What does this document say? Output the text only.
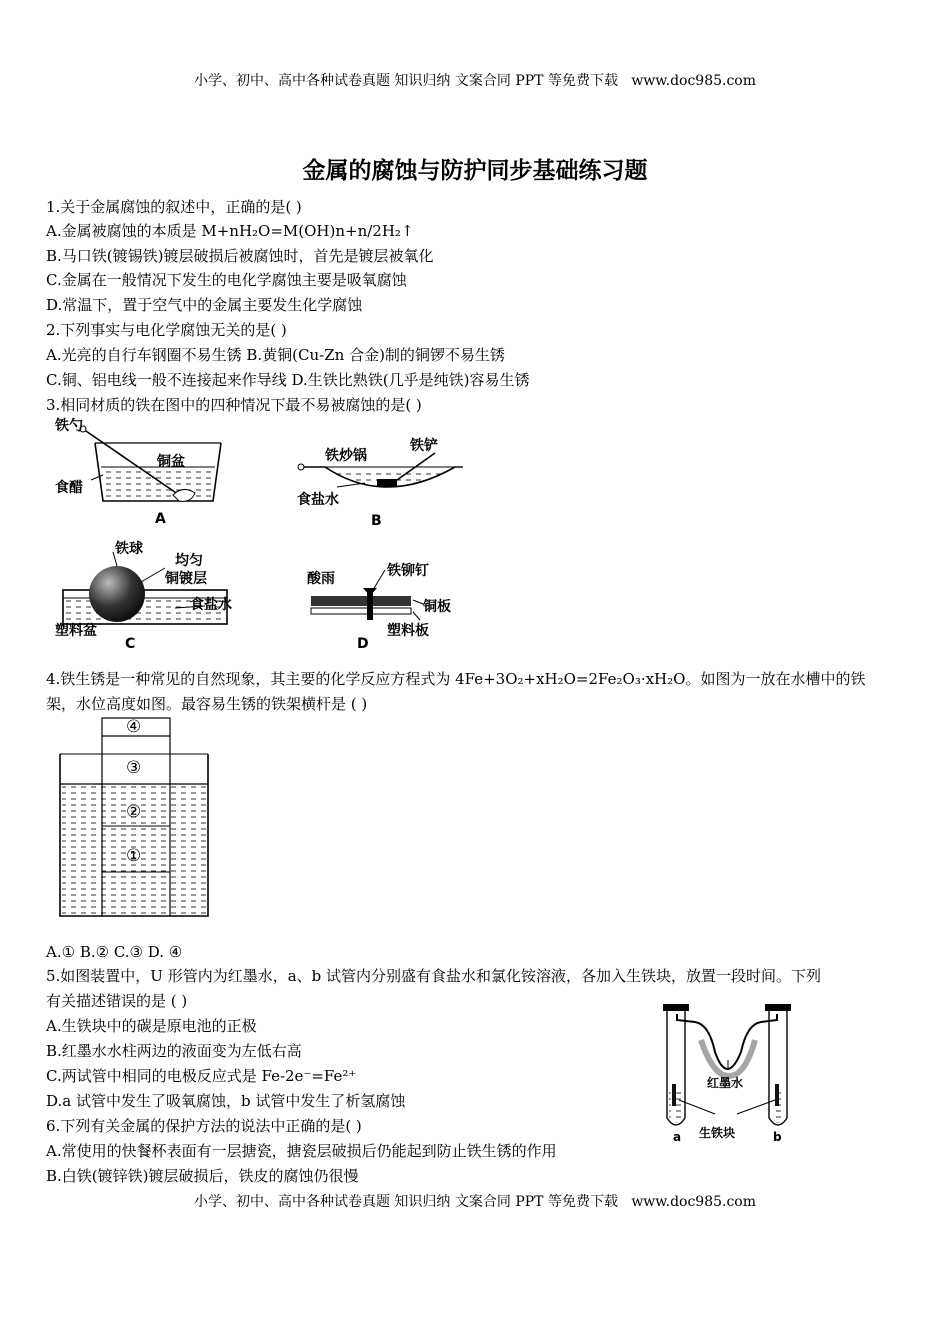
小学、初中、高中各种试卷真题 知识归纳 文案合同 PPT 等免费下载 www.doc985.com
金属的腐蚀与防护同步基础练习题
1.关于金属腐蚀的叙述中，正确的是( )
A.金属被腐蚀的本质是 M+nH₂O=M(OH)n+n/2H₂↑
B.马口铁(镀锡铁)镀层破损后被腐蚀时，首先是镀层被氧化
C.金属在一般情况下发生的电化学腐蚀主要是吸氧腐蚀
D.常温下，置于空气中的金属主要发生化学腐蚀
2.下列事实与电化学腐蚀无关的是( )
A.光亮的自行车钢圈不易生锈 B.黄铜(Cu-Zn 合金)制的铜锣不易生锈
C.铜、铝电线一般不连接起来作导线 D.生铁比熟铁(几乎是纯铁)容易生锈
3.相同材质的铁在图中的四种情况下最不易被腐蚀的是( )
铁勺
铜盆
食醋
A
铁炒锅
铁铲
食盐水
B
铁球
均匀
铜镀层
食盐水
塑料盆
C
酸雨	铁铆钉
铜板
塑料板
D
4.铁生锈是一种常见的自然现象，其主要的化学反应方程式为 4Fe+3O₂+xH₂O=2Fe₂O₃·xH₂O。如图为一放在水槽中的铁
架，水位高度如图。最容易生锈的铁架横杆是 ( )
④
③
②
①
A.① B.② C.③ D. ④
5.如图装置中，U 形管内为红墨水，a、b 试管内分别盛有食盐水和氯化铵溶液，各加入生铁块，放置一段时间。下列
有关描述错误的是 ( )
A.生铁块中的碳是原电池的正极
B.红墨水水柱两边的液面变为左低右高
C.两试管中相同的电极反应式是 Fe-2e⁻=Fe²⁺
D.a 试管中发生了吸氧腐蚀，b 试管中发生了析氢腐蚀
红墨水
生铁块
a	b
6.下列有关金属的保护方法的说法中正确的是( )
A.常使用的快餐杯表面有一层搪瓷，搪瓷层破损后仍能起到防止铁生锈的作用
B.白铁(镀锌铁)镀层破损后，铁皮的腐蚀仍很慢
小学、初中、高中各种试卷真题 知识归纳 文案合同 PPT 等免费下载 www.doc985.com
